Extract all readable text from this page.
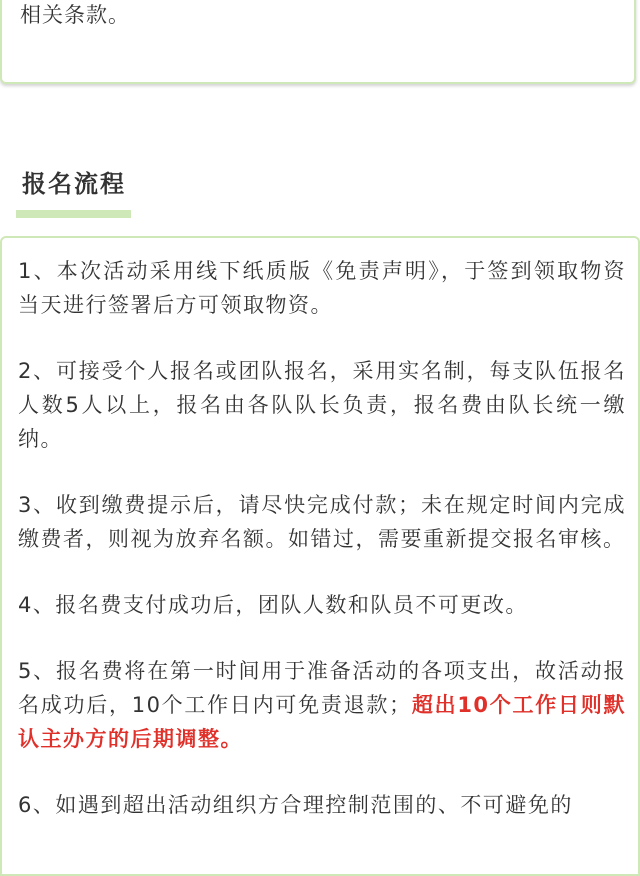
相关条款。
报名流程
1、本次活动采用线下纸质版《免责声明》，于签到领取物资当天进行签署后方可领取物资。
2、可接受个人报名或团队报名，采用实名制，每支队伍报名人数5人以上，报名由各队队长负责，报名费由队长统一缴纳。
3、收到缴费提示后，请尽快完成付款；未在规定时间内完成缴费者，则视为放弃名额。如错过，需要重新提交报名审核。
4、报名费支付成功后，团队人数和队员不可更改。
5、报名费将在第一时间用于准备活动的各项支出，故活动报名成功后，10个工作日内可免责退款；超出10个工作日则默认主办方的后期调整。
6、如遇到超出活动组织方合理控制范围的、不可避免的
